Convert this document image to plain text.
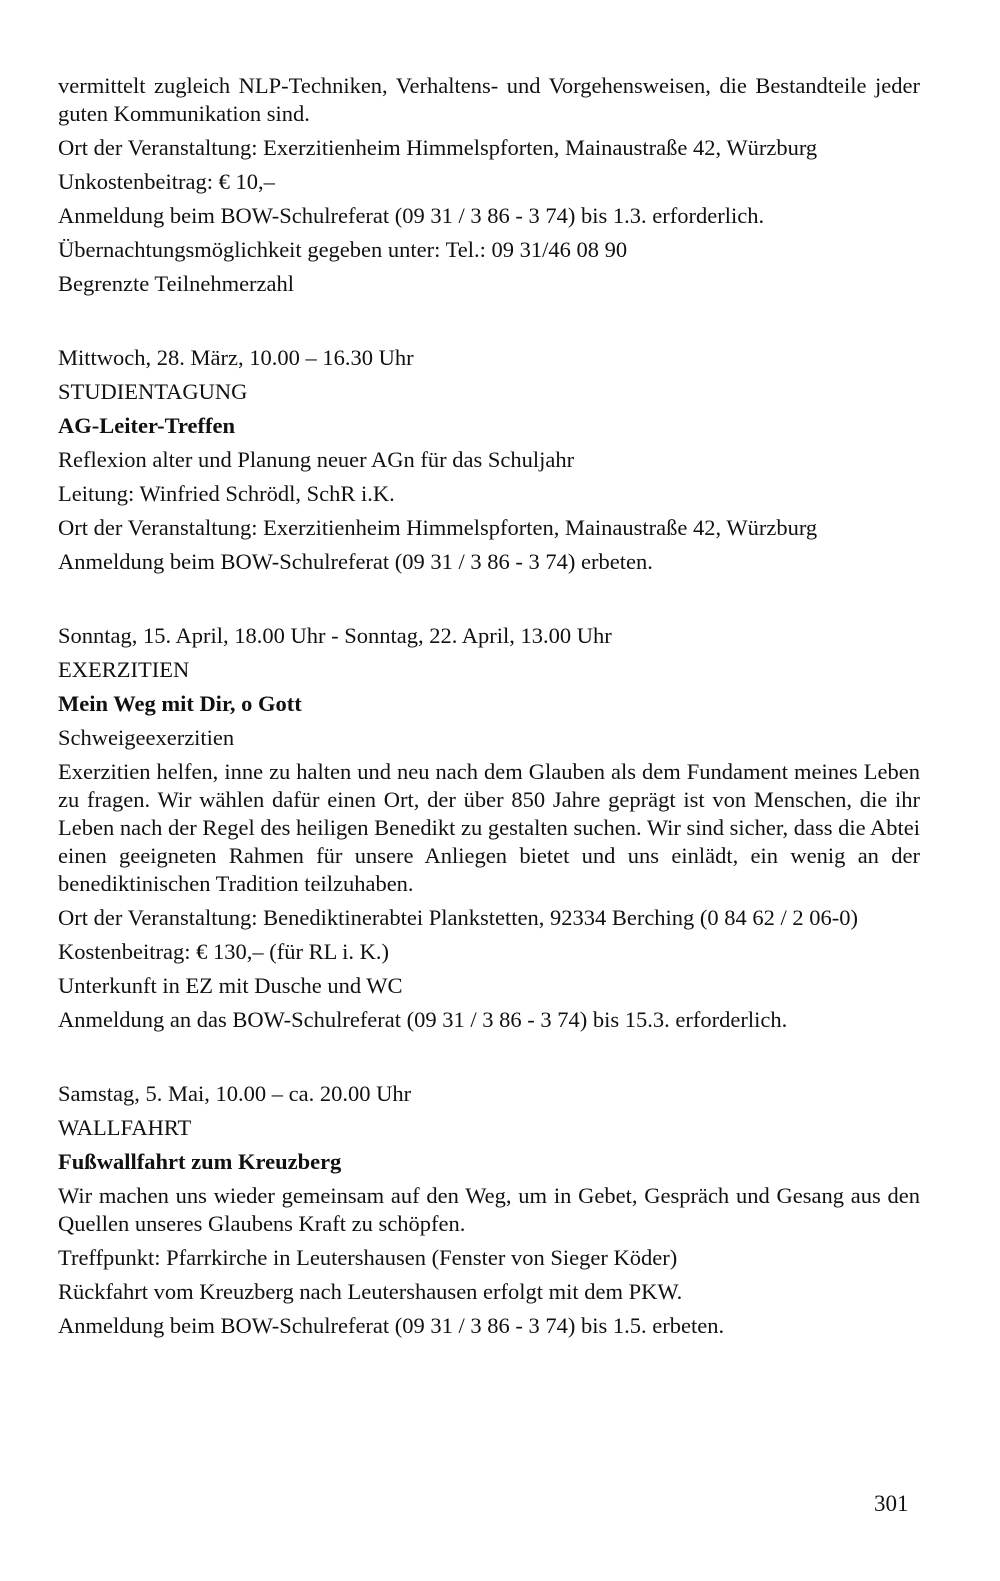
vermittelt zugleich NLP-Techniken, Verhaltens- und Vorgehensweisen, die Bestandteile jeder guten Kommunikation sind.
Ort der Veranstaltung: Exerzitienheim Himmelspforten, Mainaustraße 42, Würzburg
Unkostenbeitrag: € 10,–
Anmeldung beim BOW-Schulreferat (09 31 / 3 86 - 3 74) bis 1.3. erforderlich.
Übernachtungsmöglichkeit gegeben unter: Tel.: 09 31/46 08 90
Begrenzte Teilnehmerzahl
Mittwoch, 28. März, 10.00 – 16.30 Uhr
STUDIENTAGUNG
AG-Leiter-Treffen
Reflexion alter und Planung neuer AGn für das Schuljahr
Leitung: Winfried Schrödl, SchR i.K.
Ort der Veranstaltung: Exerzitienheim Himmelspforten, Mainaustraße 42, Würzburg
Anmeldung beim BOW-Schulreferat (09 31 / 3 86 - 3 74) erbeten.
Sonntag, 15. April, 18.00 Uhr - Sonntag, 22. April, 13.00 Uhr
EXERZITIEN
Mein Weg mit Dir, o Gott
Schweigeexerzitien
Exerzitien helfen, inne zu halten und neu nach dem Glauben als dem Fundament meines Leben zu fragen. Wir wählen dafür einen Ort, der über 850 Jahre geprägt ist von Menschen, die ihr Leben nach der Regel des heiligen Benedikt zu gestalten suchen. Wir sind sicher, dass die Abtei einen geeigneten Rahmen für unsere Anliegen bietet und uns einlädt, ein wenig an der benediktinischen Tradition teilzuhaben.
Ort der Veranstaltung: Benediktinerabtei Plankstetten, 92334 Berching (0 84 62 / 2 06-0)
Kostenbeitrag: € 130,– (für RL i. K.)
Unterkunft in EZ mit Dusche und WC
Anmeldung an das BOW-Schulreferat (09 31 / 3 86 - 3 74) bis 15.3. erforderlich.
Samstag, 5. Mai, 10.00 – ca. 20.00 Uhr
WALLFAHRT
Fußwallfahrt zum Kreuzberg
Wir machen uns wieder gemeinsam auf den Weg, um in Gebet, Gespräch und Gesang aus den Quellen unseres Glaubens Kraft zu schöpfen.
Treffpunkt: Pfarrkirche in Leutershausen (Fenster von Sieger Köder)
Rückfahrt vom Kreuzberg nach Leutershausen erfolgt mit dem PKW.
Anmeldung beim BOW-Schulreferat (09 31 / 3 86 - 3 74) bis 1.5. erbeten.
301
